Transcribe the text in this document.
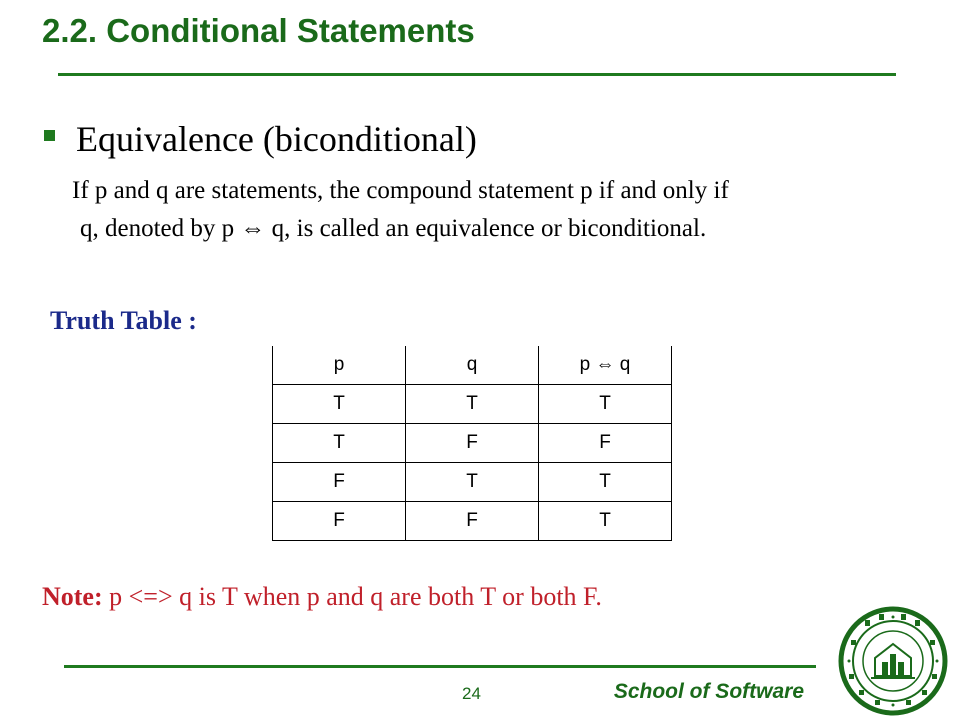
2.2. Conditional Statements
Equivalence (biconditional)
If p and q are statements, the compound statement p if and only if
q, denoted by p ⇔ q, is called an equivalence or biconditional.
Truth Table :
p	q	p ⇔ q
T	T	T
T	F	F
F	T	T
F	F	T
Note: p <=> q is T when p and q are both T or both F.
24	School of Software
